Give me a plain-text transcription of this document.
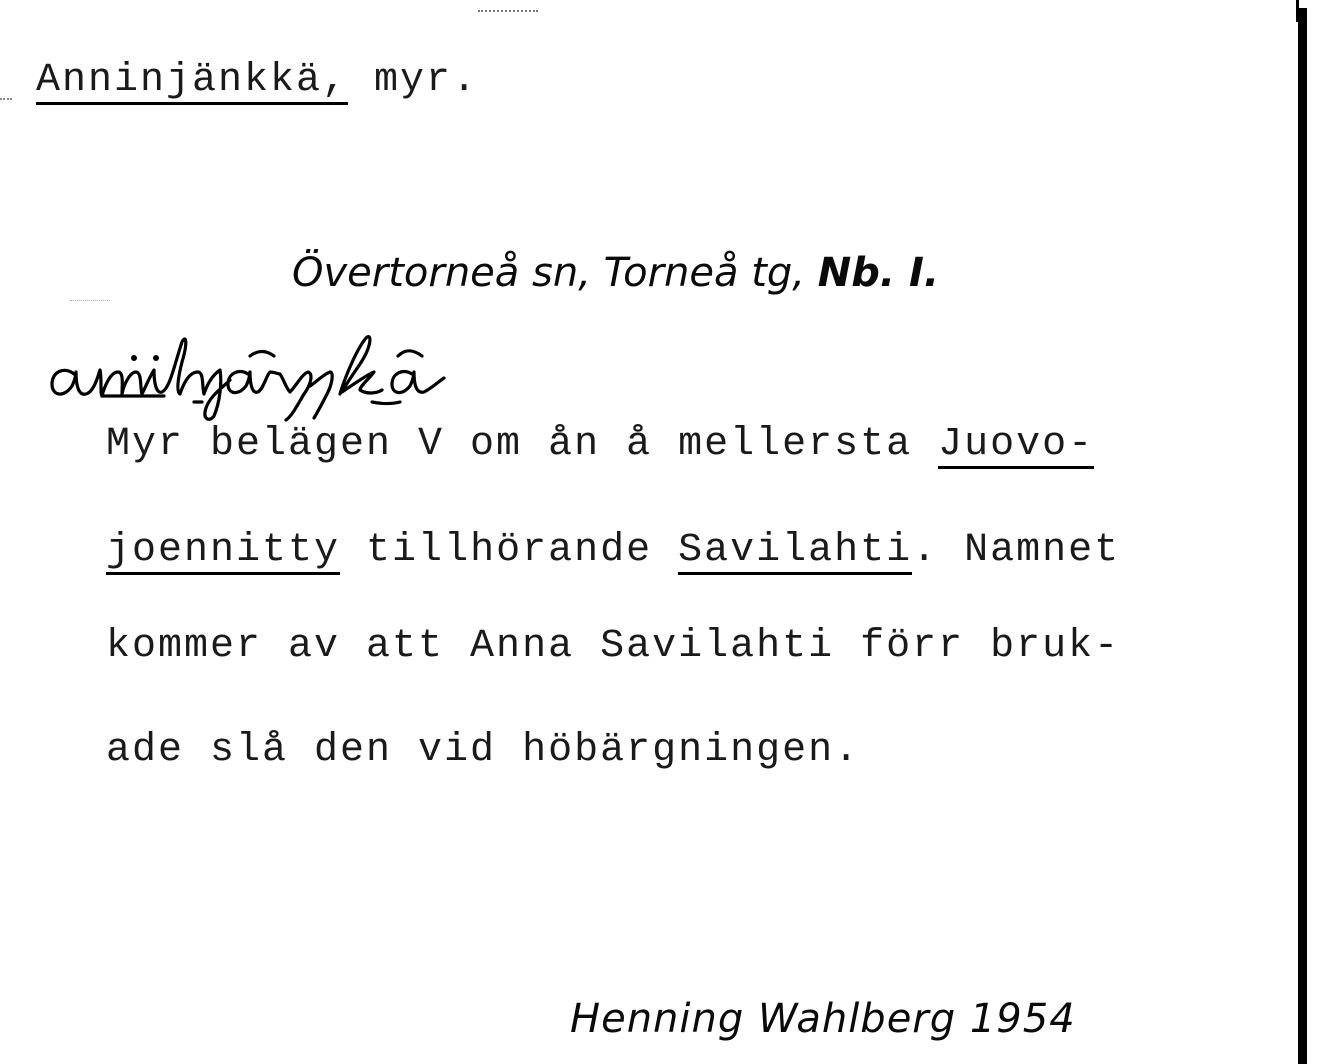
Anninjänkkä, myr.
Övertorneå sn, Torneå tg, Nb. I.
Myr belägen V om ån å mellersta Juovo-
joennitty tillhörande Savilahti. Namnet
kommer av att Anna Savilahti förr bruk-
ade slå den vid höbärgningen.
Henning Wahlberg 1954
